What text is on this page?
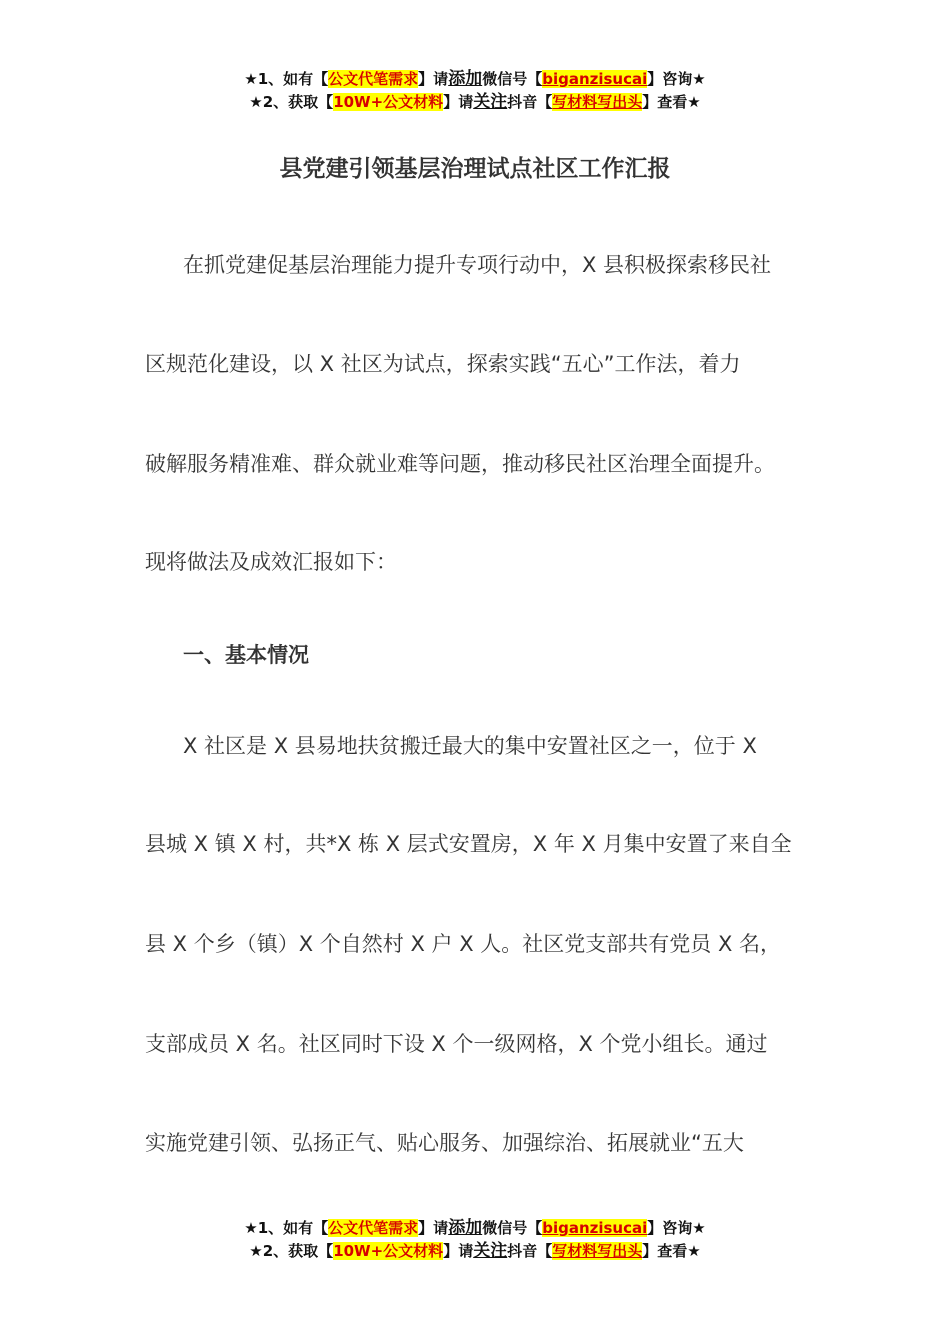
★1、如有【公文代笔需求】请添加微信号【biganzisucai】咨询★
★2、获取【10W+公文材料】请关注抖音【写材料写出头】查看★
县党建引领基层治理试点社区工作汇报
在抓党建促基层治理能力提升专项行动中，X 县积极探索移民社
区规范化建设，以 X 社区为试点，探索实践“五心”工作法，着力
破解服务精准难、群众就业难等问题，推动移民社区治理全面提升。
现将做法及成效汇报如下：
一、基本情况
X 社区是 X 县易地扶贫搬迁最大的集中安置社区之一，位于 X
县城 X 镇 X 村，共*X 栋 X 层式安置房，X 年 X 月集中安置了来自全
县 X 个乡（镇）X 个自然村 X 户 X 人。社区党支部共有党员 X 名，
支部成员 X 名。社区同时下设 X 个一级网格，X 个党小组长。通过
实施党建引领、弘扬正气、贴心服务、加强综治、拓展就业“五大
★1、如有【公文代笔需求】请添加微信号【biganzisucai】咨询★
★2、获取【10W+公文材料】请关注抖音【写材料写出头】查看★
